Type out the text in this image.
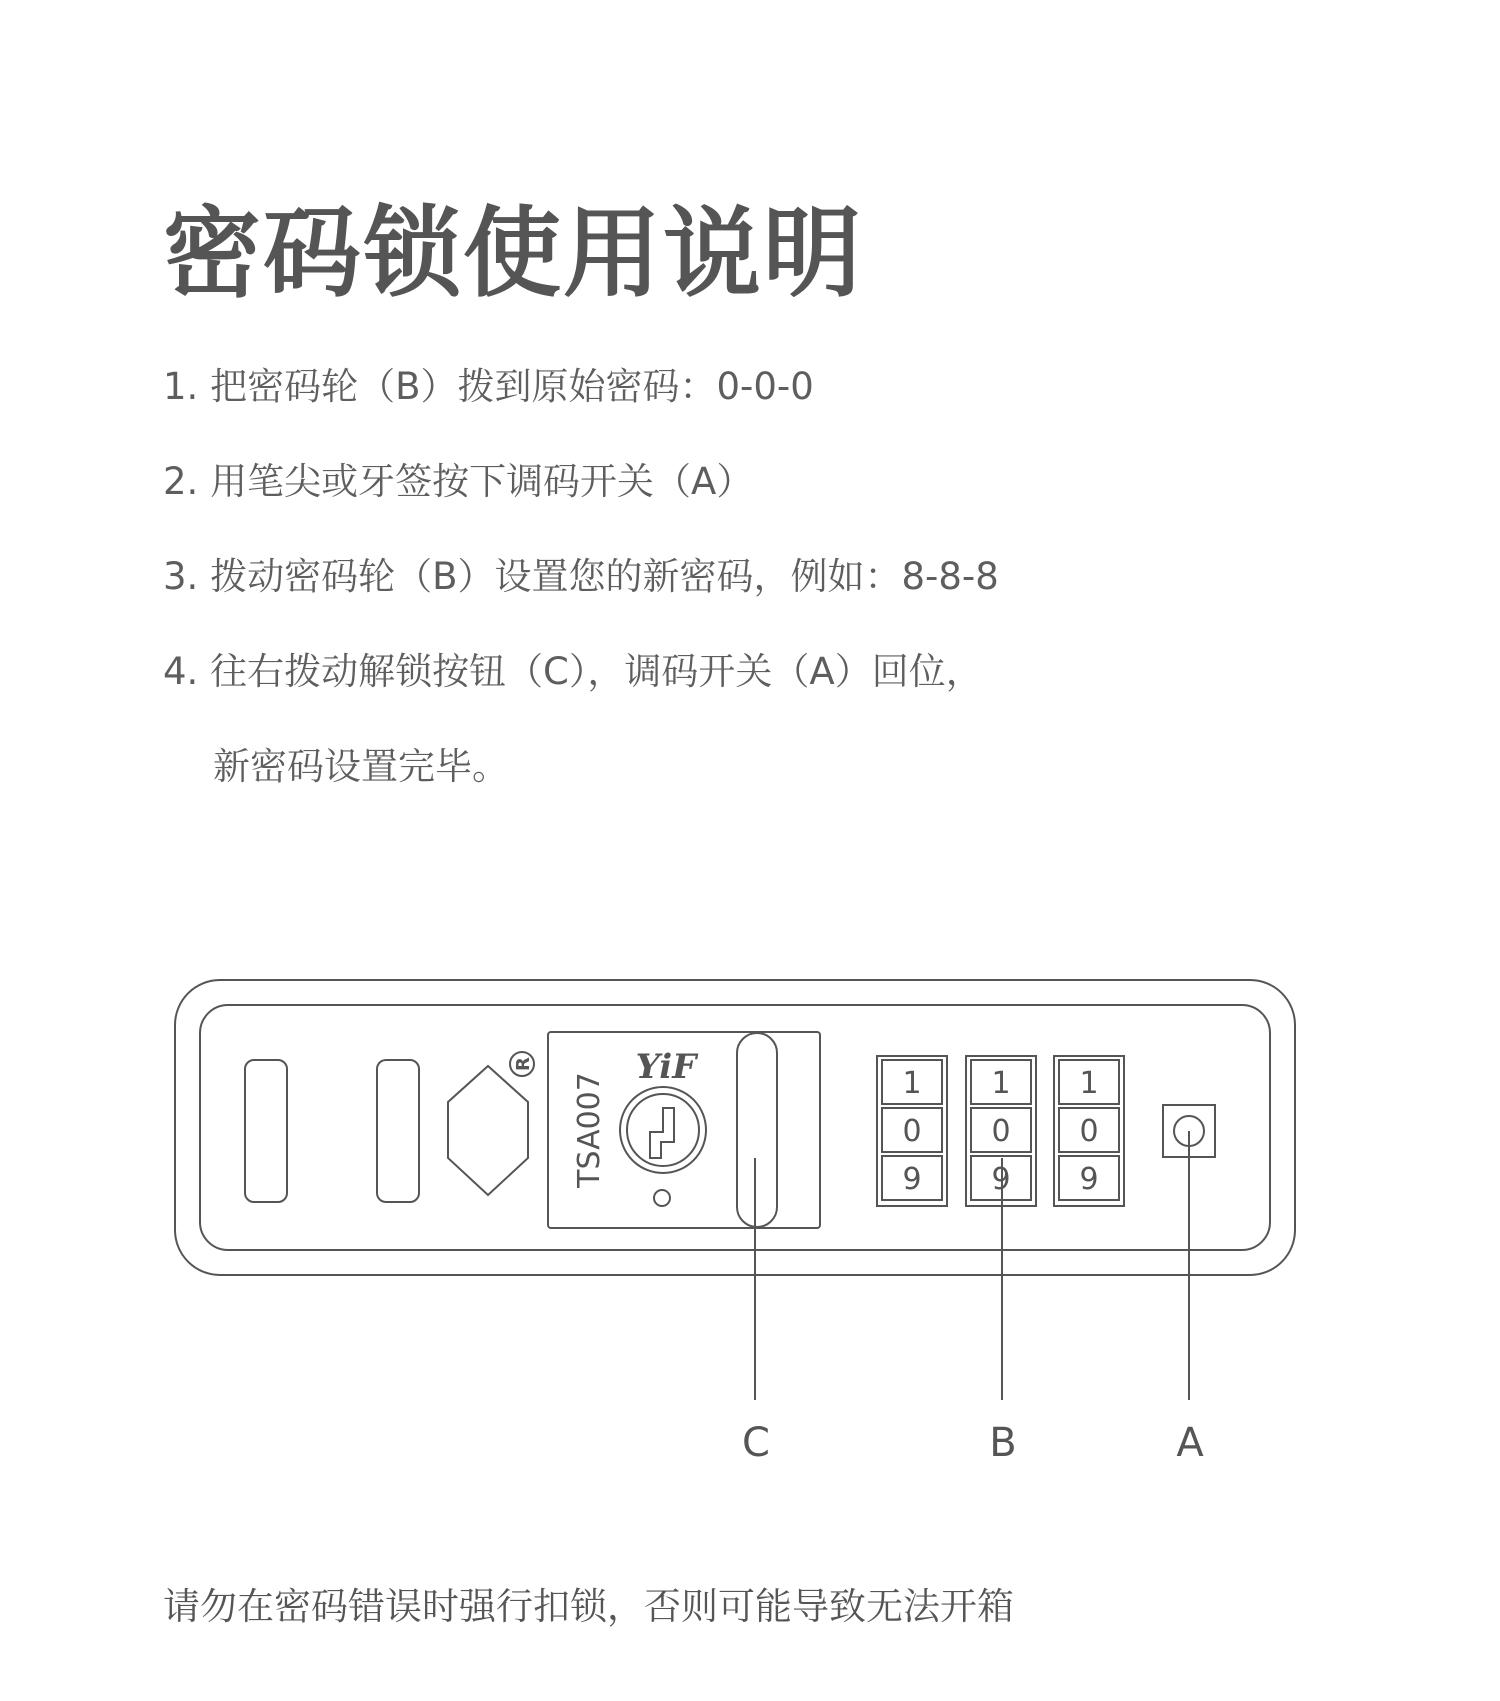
密码锁使用说明
1. 把密码轮（B）拨到原始密码：0-0-0
2. 用笔尖或牙签按下调码开关（A）
3. 拨动密码轮（B）设置您的新密码，例如：8-8-8
4. 往右拨动解锁按钮（C），调码开关（A）回位，
新密码设置完毕。
1
0
9
1
0
9
1
0
9
R	YiF
TSA007
C	B	A
请勿在密码错误时强行扣锁，否则可能导致无法开箱
